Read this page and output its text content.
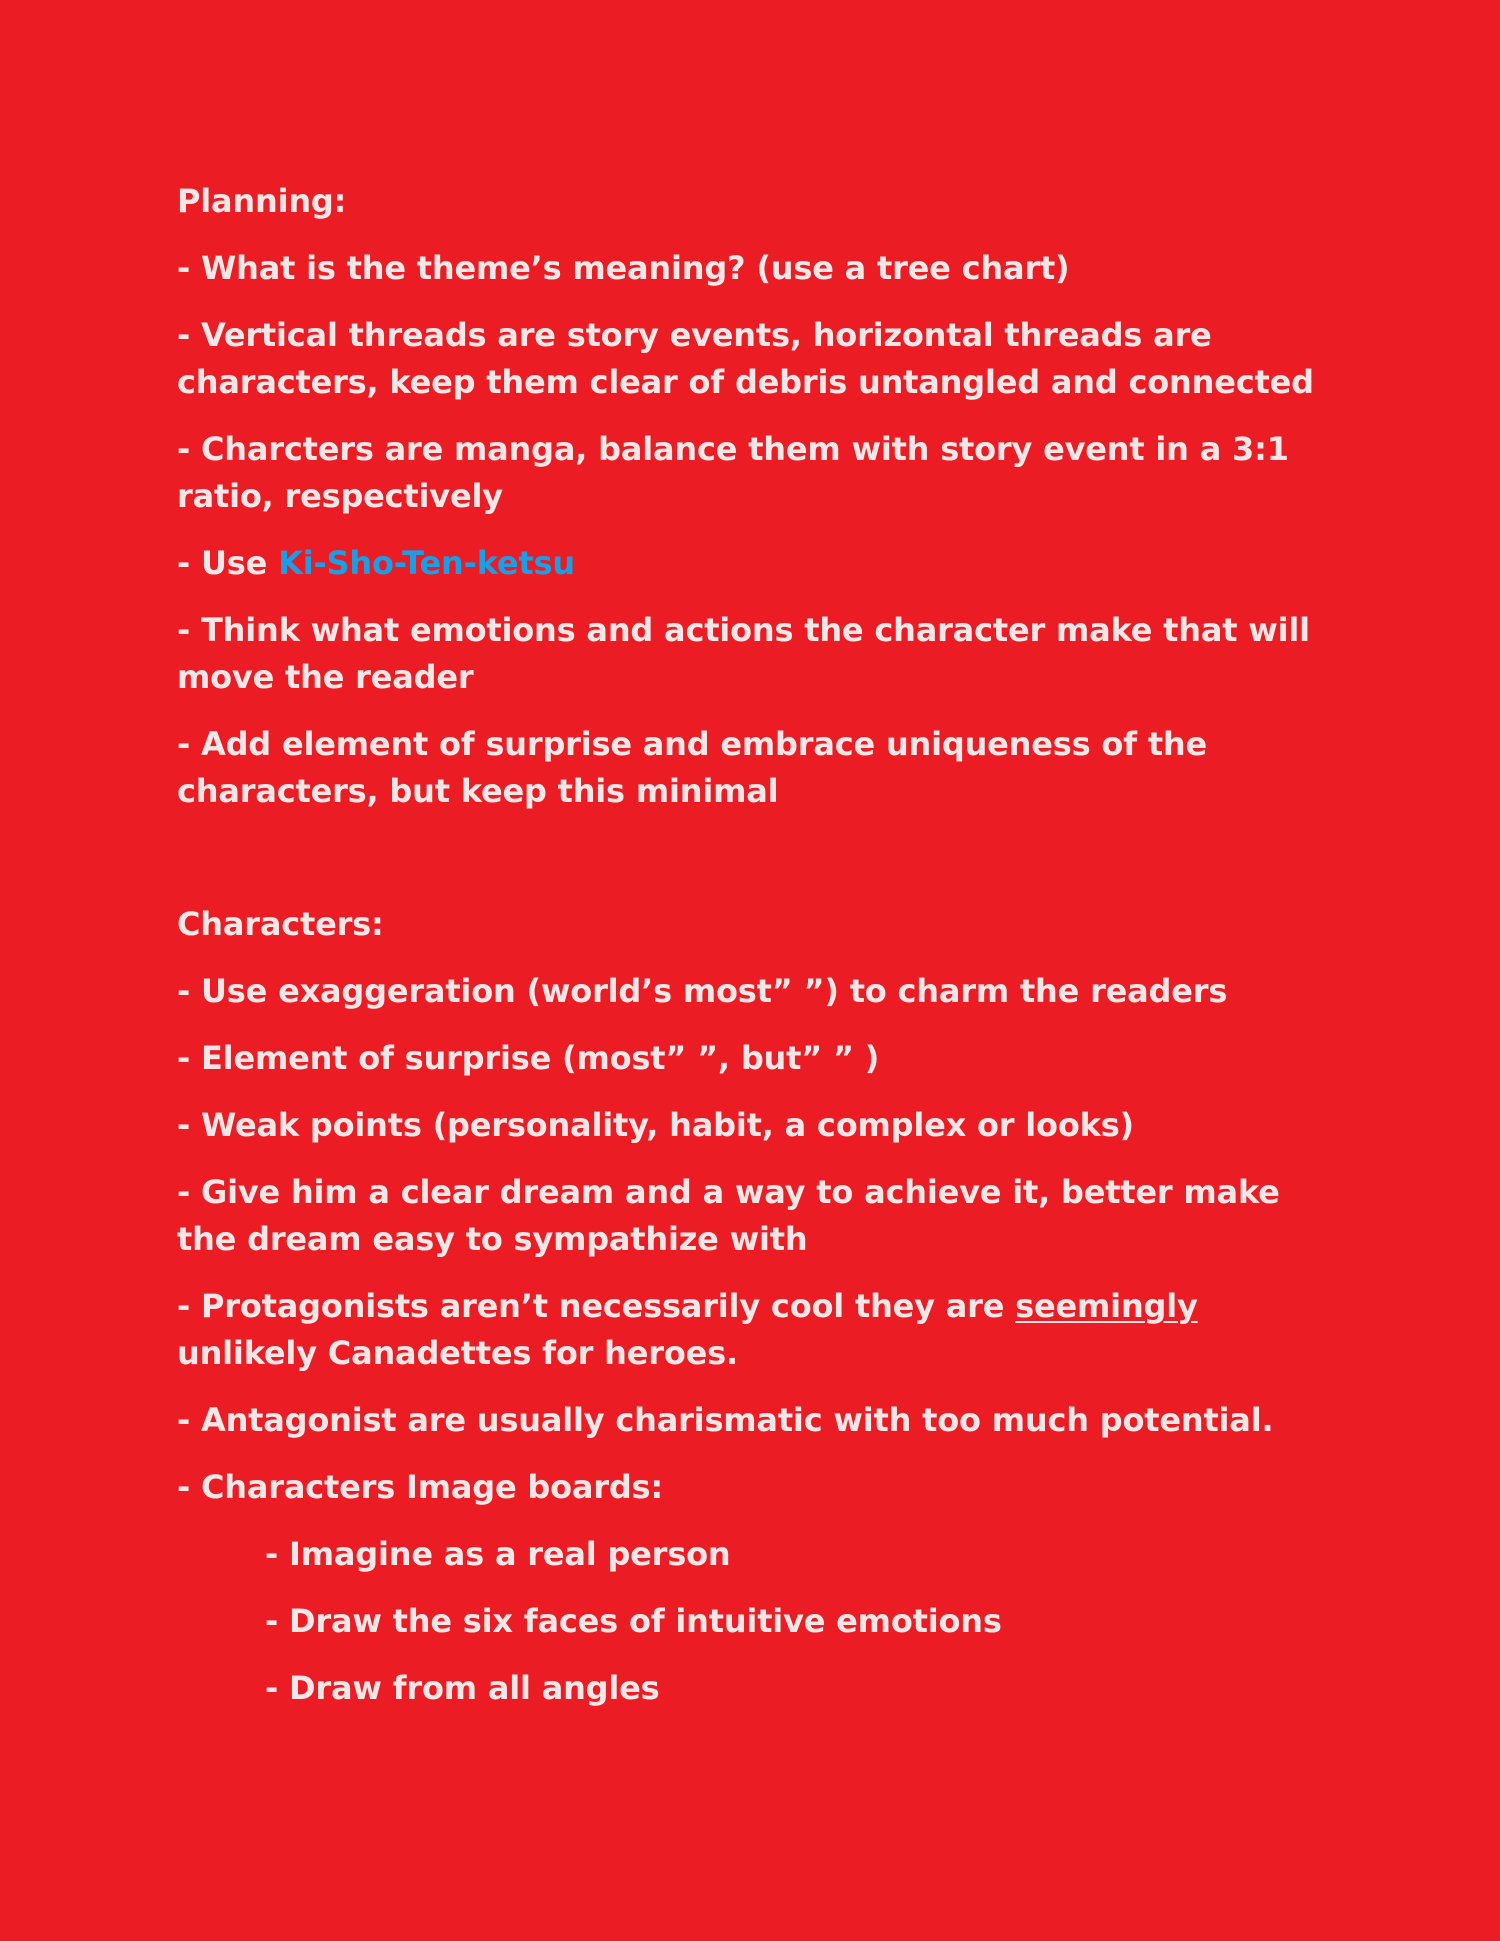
Planning:

- What is the theme’s meaning? (use a tree chart)

- Vertical threads are story events, horizontal threads are characters, keep them clear of debris untangled and connected

- Charcters are manga, balance them with story event in a 3:1 ratio, respectively

- Use Ki-Sho-Ten-ketsu

- Think what emotions and actions the character make that will move the reader

- Add element of surprise and embrace uniqueness of the characters, but keep this minimal

Characters:

- Use exaggeration (world’s most” ”) to charm the readers

- Element of surprise (most” ”, but” ” )

- Weak points (personality, habit, a complex or looks)

- Give him a clear dream and a way to achieve it, better make the dream easy to sympathize with

- Protagonists aren’t necessarily cool they are seemingly unlikely Canadettes for heroes.

- Antagonist are usually charismatic with too much potential.

- Characters Image boards:

- Imagine as a real person

- Draw the six faces of intuitive emotions

- Draw from all angles
